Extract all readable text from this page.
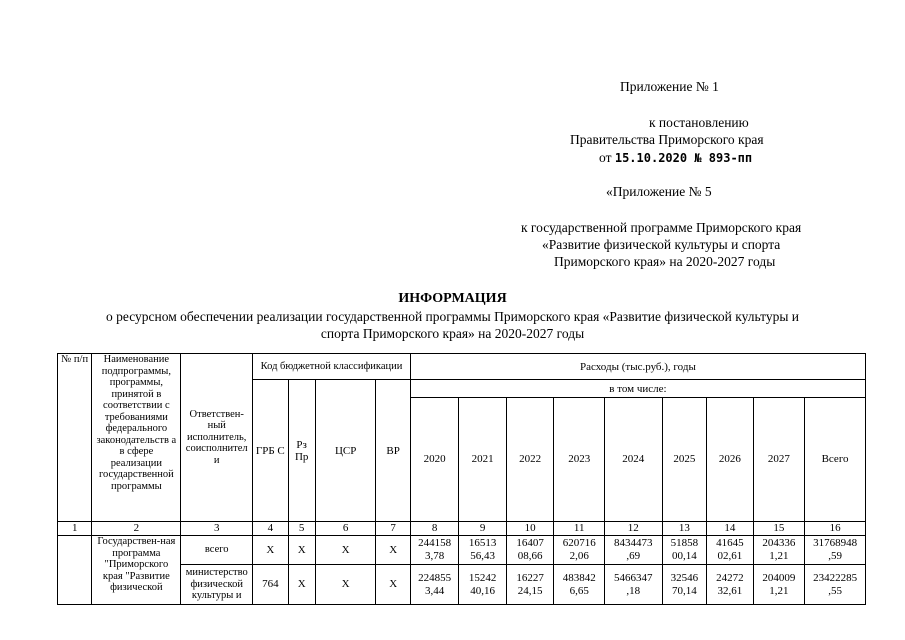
Приложение № 1
к постановлению
Правительства Приморского края
от 15.10.2020 № 893-пп
«Приложение № 5
к государственной программе Приморского края
«Развитие физической культуры и спорта
Приморского края» на 2020-2027 годы
ИНФОРМАЦИЯ
о ресурсном обеспечении реализации государственной программы Приморского края «Развитие физической культуры и
спорта Приморского края» на 2020-2027 годы
№ п/п	Наименование подпрограммы, программы, принятой в соответствии с требованиями федерального законодательств а в сфере реализации государственной программы	Ответствен-ный исполнитель, соисполнител и	Код бюджетной классификации				Расходы (тыс.руб.), годы								
			ГРБ С	Рз Пр	ЦСР	ВР	в том числе:								
							2020	2021	2022	2023	2024	2025	2026	2027	Всего
1	2	3	4	5	6	7	8	9	10	11	12	13	14	15	16
	Государствен-ная программа "Приморского края "Развитие физической	всего	Х	Х	Х	Х	244158 3,78	16513 56,43	16407 08,66	620716 2,06	8434473 ,69	51858 00,14	41645 02,61	204336 1,21	31768948 ,59
		министерство физической культуры и	764	Х	Х	Х	224855 3,44	15242 40,16	16227 24,15	483842 6,65	5466347 ,18	32546 70,14	24272 32,61	204009 1,21	23422285 ,55
